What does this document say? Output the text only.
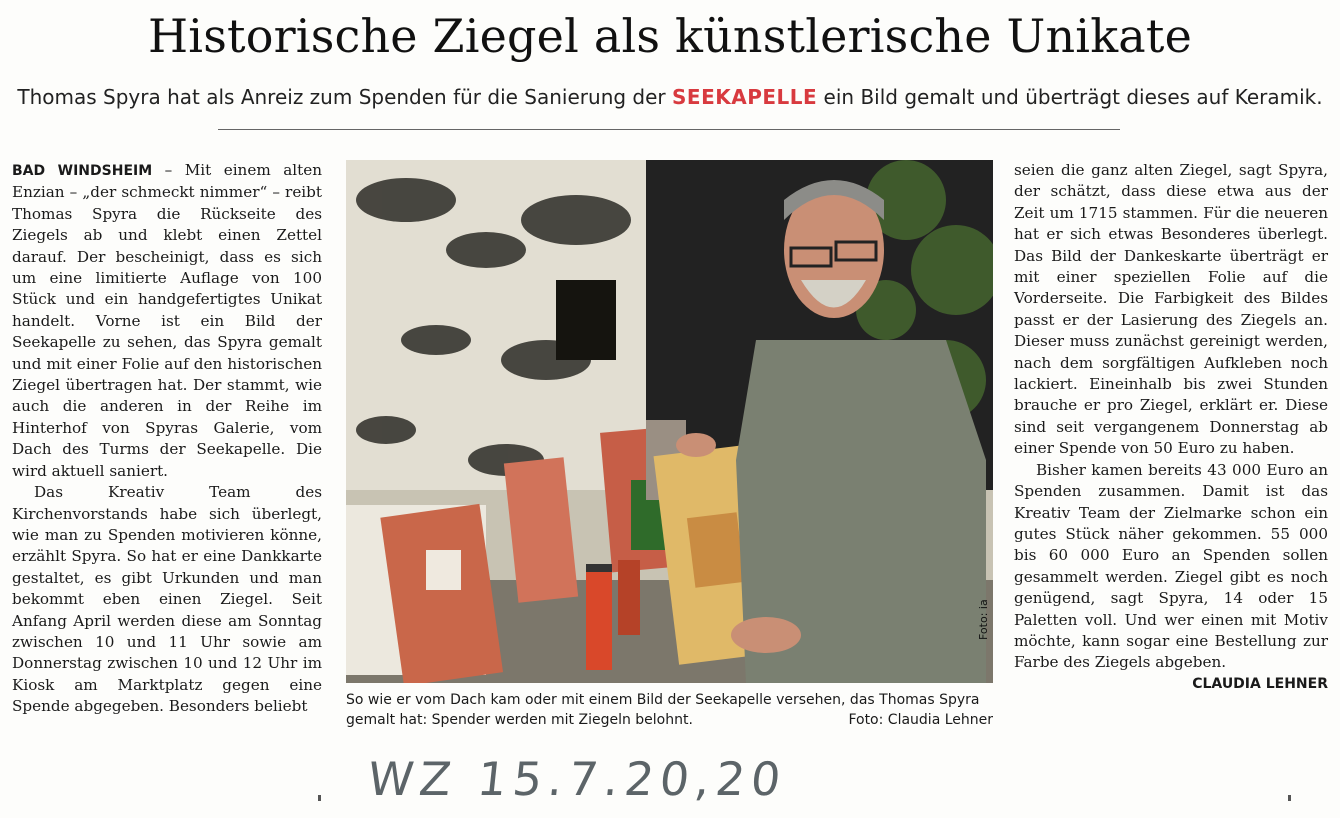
Historische Ziegel als künstlerische Unikate
Thomas Spyra hat als Anreiz zum Spenden für die Sanierung der SEEKAPELLE ein Bild gemalt und überträgt dieses auf Keramik.

BAD WINDSHEIM – Mit einem alten Enzian – „der schmeckt nimmer“ – reibt Thomas Spyra die Rückseite des Ziegels ab und klebt einen Zettel darauf. Der bescheinigt, dass es sich um eine limitierte Auflage von 100 Stück und ein handgefertigtes Unikat handelt. Vorne ist ein Bild der Seekapelle zu sehen, das Spyra gemalt und mit einer Folie auf den historischen Ziegel übertragen hat. Der stammt, wie auch die anderen in der Reihe im Hinterhof von Spyras Galerie, vom Dach des Turms der Seekapelle. Die wird aktuell saniert.

Das Kreativ Team des Kirchenvorstands habe sich überlegt, wie man zu Spenden motivieren könne, erzählt Spyra. So hat er eine Dankkarte gestaltet, es gibt Urkunden und man bekommt eben einen Ziegel. Seit Anfang April werden diese am Sonntag zwischen 10 und 11 Uhr sowie am Donnerstag zwischen 10 und 12 Uhr im Kiosk am Marktplatz gegen eine Spende abgegeben. Besonders beliebt

Foto: ia
So wie er vom Dach kam oder mit einem Bild der Seekapelle versehen, das Thomas Spyra gemalt hat: Spender werden mit Ziegeln belohnt.	Foto: Claudia Lehner

seien die ganz alten Ziegel, sagt Spyra, der schätzt, dass diese etwa aus der Zeit um 1715 stammen. Für die neueren hat er sich etwas Besonderes überlegt. Das Bild der Dankeskarte überträgt er mit einer speziellen Folie auf die Vorderseite. Die Farbigkeit des Bildes passt er der Lasierung des Ziegels an. Dieser muss zunächst gereinigt werden, nach dem sorgfältigen Aufkleben noch lackiert. Eineinhalb bis zwei Stunden brauche er pro Ziegel, erklärt er. Diese sind seit vergangenem Donnerstag ab einer Spende von 50 Euro zu haben.

Bisher kamen bereits 43 000 Euro an Spenden zusammen. Damit ist das Kreativ Team der Zielmarke schon ein gutes Stück näher gekommen. 55 000 bis 60 000 Euro an Spenden sollen gesammelt werden. Ziegel gibt es noch genügend, sagt Spyra, 14 oder 15 Paletten voll. Und wer einen mit Motiv möchte, kann sogar eine Bestellung zur Farbe des Ziegels abgeben.
CLAUDIA LEHNER

WZ 15.7.20,20
